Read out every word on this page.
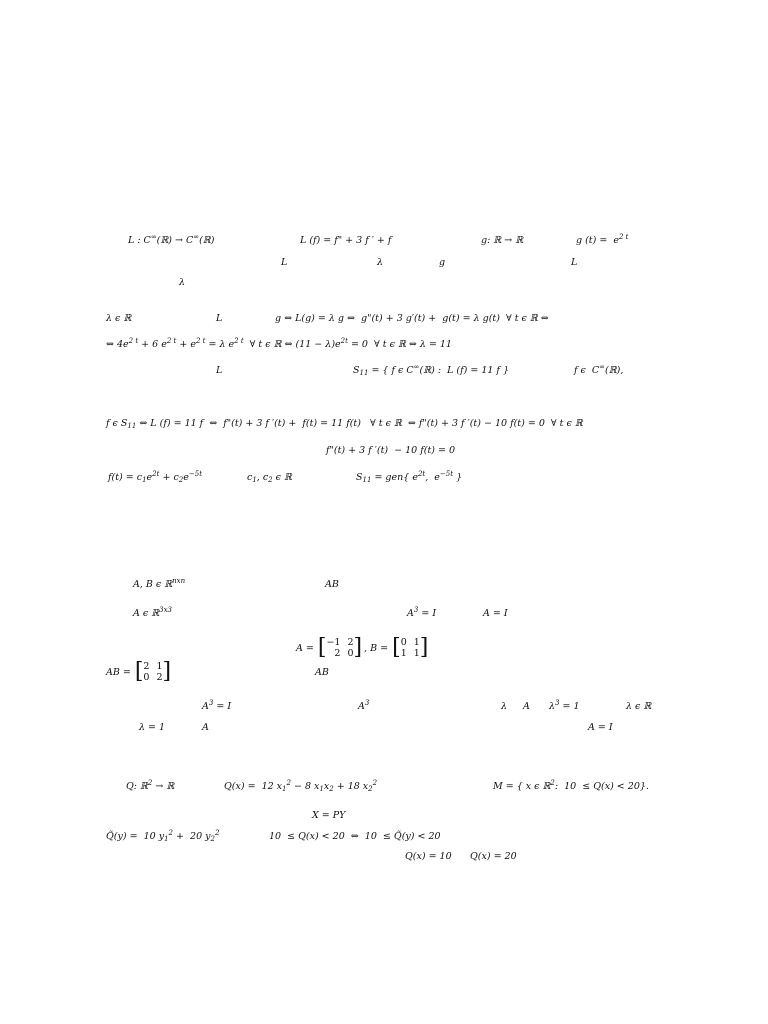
L : C∞(ℝ) → C∞(ℝ)	L (f) = f" + 3 f ′ + f	g: ℝ → ℝ	g $(t) = e^{2 t}$
L	λ	g	L
λ
λ ϵ ℝ	L	g ⇔ L(g) = λ g ⇔  g"(t) + 3 g′(t) +  g(t) = λ g(t)  ∀ t ϵ ℝ ⇔
⇔ $4e^{2 t} + 6$ $e^{2 t} + e^{2 t} = \lambda$ $e^{2 t}$  ∀ t ϵ ℝ ⇔ $(11 - \lambda)e^{2t} = 0$  ∀ t ϵ ℝ ⇔ λ = 11
L	$S_{11}$ = { f ϵ C∞(ℝ) :  L (f) = 11 f }	f ϵ  C∞(ℝ),
f ϵ $S_{11}$ ⇔ L (f) = 11 f  ⇔  f"(t) + 3 f ′(t) +  f(t) = 11 f(t)   ∀ t ϵ ℝ  ⇔ f"(t) + 3 f ′(t) − 10 f(t) = 0  ∀ t ϵ ℝ
f"(t) + 3 f ′(t)  − 10 f(t) = 0
$f(t) = c_1e^{2t} + c_2e^{-5t}$	$c_1$, $c_2$ ϵ ℝ	$S_{11} = gen${ $e^{2t}$,  $e^{-5t}$ }
A, B ϵ ℝ$^{nxn}$	AB
A ϵ ℝ$^{3x3}$	$A^3 = I$	A = I
A = [ −1 2
2 0 ] , B = [ 0 1
1 1 ]
AB = [ 2 1
0 2 ]	AB
$A^3 = I$	$A^3$	λ A $\lambda^3 = 1$	λ ϵ ℝ
λ = 1	A	A = I
Q: ℝ$^2$ → ℝ	Q(x) =  12 $x_1^2 - 8$ $x_1x_2 + 18$ $x_2^2$	M = { x ϵ ℝ$^2$:  10  ≤ Q(x) < 20}.
X = PY
Q̃(y) =  10 $y_1^2 + 20$ $y_2^2$	10  ≤ Q(x) < 20  ⇔  10  ≤ Q̃(y) < 20
Q(x) = 10 Q(x) = 20
